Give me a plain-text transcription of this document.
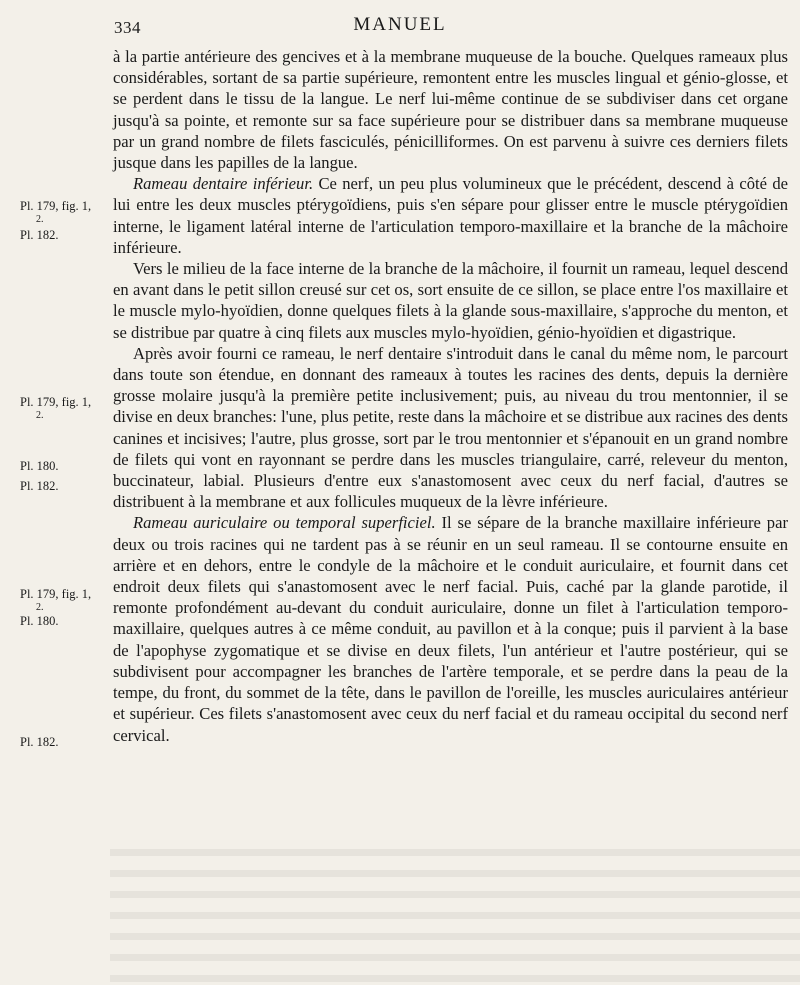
334	MANUEL
Pl. 179, fig. 1,
2.
Pl. 182.
Pl. 179, fig. 1,
2.
Pl. 180.
Pl. 182.
Pl. 179, fig. 1,
2.
Pl. 180.
Pl. 182.

à la partie antérieure des gencives et à la membrane muqueuse de la bouche. Quelques rameaux plus considérables, sortant de sa partie supérieure, remontent entre les muscles lingual et génio-glosse, et se perdent dans le tissu de la langue. Le nerf lui-même continue de se subdiviser dans cet organe jusqu'à sa pointe, et remonte sur sa face supérieure pour se distribuer dans sa membrane muqueuse par un grand nombre de filets fasciculés, pénicilliformes. On est parvenu à suivre ces derniers filets jusque dans les papilles de la langue.

Rameau dentaire inférieur. Ce nerf, un peu plus volumineux que le précédent, descend à côté de lui entre les deux muscles ptérygoïdiens, puis s'en sépare pour glisser entre le muscle ptérygoïdien interne, le ligament latéral interne de l'articulation temporo-maxillaire et la branche de la mâchoire inférieure.

Vers le milieu de la face interne de la branche de la mâchoire, il fournit un rameau, lequel descend en avant dans le petit sillon creusé sur cet os, sort ensuite de ce sillon, se place entre l'os maxillaire et le muscle mylo-hyoïdien, donne quelques filets à la glande sous-maxillaire, s'approche du menton, et se distribue par quatre à cinq filets aux muscles mylo-hyoïdien, génio-hyoïdien et digastrique.

Après avoir fourni ce rameau, le nerf dentaire s'introduit dans le canal du même nom, le parcourt dans toute son étendue, en donnant des rameaux à toutes les racines des dents, depuis la dernière grosse molaire jusqu'à la première petite inclusivement; puis, au niveau du trou mentonnier, il se divise en deux branches: l'une, plus petite, reste dans la mâchoire et se distribue aux racines des dents canines et incisives; l'autre, plus grosse, sort par le trou mentonnier et s'épanouit en un grand nombre de filets qui vont en rayonnant se perdre dans les muscles triangulaire, carré, releveur du menton, buccinateur, labial. Plusieurs d'entre eux s'anastomosent avec ceux du nerf facial, d'autres se distribuent à la membrane et aux follicules muqueux de la lèvre inférieure.

Rameau auriculaire ou temporal superficiel. Il se sépare de la branche maxillaire inférieure par deux ou trois racines qui ne tardent pas à se réunir en un seul rameau. Il se contourne ensuite en arrière et en dehors, entre le condyle de la mâchoire et le conduit auriculaire, et fournit dans cet endroit deux filets qui s'anastomosent avec le nerf facial. Puis, caché par la glande parotide, il remonte profondément au-devant du conduit auriculaire, donne un filet à l'articulation temporo-maxillaire, quelques autres à ce même conduit, au pavillon et à la conque; puis il parvient à la base de l'apophyse zygomatique et se divise en deux filets, l'un antérieur et l'autre postérieur, qui se subdivisent pour accompagner les branches de l'artère temporale, et se perdre dans la peau de la tempe, du front, du sommet de la tête, dans le pavillon de l'oreille, les muscles auriculaires antérieur et supérieur. Ces filets s'anastomosent avec ceux du nerf facial et du rameau occipital du second nerf cervical.
